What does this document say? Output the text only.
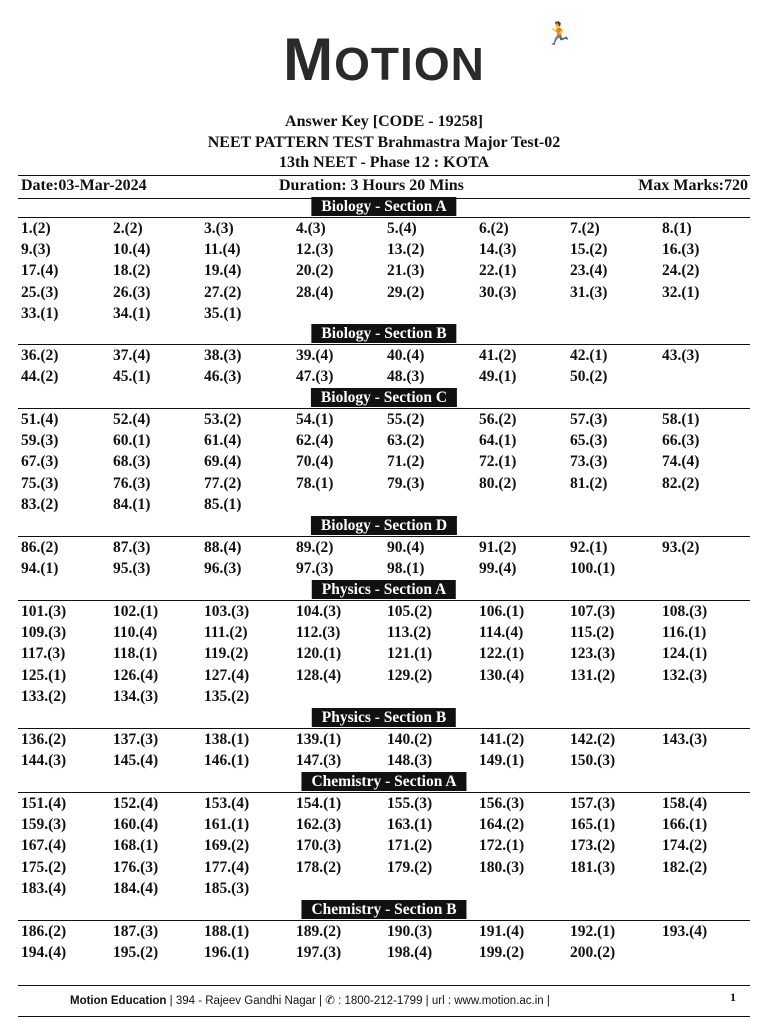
MOTION
🏃
Answer Key [CODE - 19258]
NEET PATTERN TEST Brahmastra Major Test-02
13th NEET - Phase 12 : KOTA
Date:03-Mar-2024	Duration: 3 Hours 20 Mins	Max Marks:720
Biology - Section A
1.(2)	2.(2)	3.(3)	4.(3)	5.(4)	6.(2)	7.(2)	8.(1)
9.(3)	10.(4)	11.(4)	12.(3)	13.(2)	14.(3)	15.(2)	16.(3)
17.(4)	18.(2)	19.(4)	20.(2)	21.(3)	22.(1)	23.(4)	24.(2)
25.(3)	26.(3)	27.(2)	28.(4)	29.(2)	30.(3)	31.(3)	32.(1)
33.(1)	34.(1)	35.(1)
Biology - Section B
36.(2)	37.(4)	38.(3)	39.(4)	40.(4)	41.(2)	42.(1)	43.(3)
44.(2)	45.(1)	46.(3)	47.(3)	48.(3)	49.(1)	50.(2)
Biology - Section C
51.(4)	52.(4)	53.(2)	54.(1)	55.(2)	56.(2)	57.(3)	58.(1)
59.(3)	60.(1)	61.(4)	62.(4)	63.(2)	64.(1)	65.(3)	66.(3)
67.(3)	68.(3)	69.(4)	70.(4)	71.(2)	72.(1)	73.(3)	74.(4)
75.(3)	76.(3)	77.(2)	78.(1)	79.(3)	80.(2)	81.(2)	82.(2)
83.(2)	84.(1)	85.(1)
Biology - Section D
86.(2)	87.(3)	88.(4)	89.(2)	90.(4)	91.(2)	92.(1)	93.(2)
94.(1)	95.(3)	96.(3)	97.(3)	98.(1)	99.(4)	100.(1)
Physics - Section A
101.(3)	102.(1)	103.(3)	104.(3)	105.(2)	106.(1)	107.(3)	108.(3)
109.(3)	110.(4)	111.(2)	112.(3)	113.(2)	114.(4)	115.(2)	116.(1)
117.(3)	118.(1)	119.(2)	120.(1)	121.(1)	122.(1)	123.(3)	124.(1)
125.(1)	126.(4)	127.(4)	128.(4)	129.(2)	130.(4)	131.(2)	132.(3)
133.(2)	134.(3)	135.(2)
Physics - Section B
136.(2)	137.(3)	138.(1)	139.(1)	140.(2)	141.(2)	142.(2)	143.(3)
144.(3)	145.(4)	146.(1)	147.(3)	148.(3)	149.(1)	150.(3)
Chemistry - Section A
151.(4)	152.(4)	153.(4)	154.(1)	155.(3)	156.(3)	157.(3)	158.(4)
159.(3)	160.(4)	161.(1)	162.(3)	163.(1)	164.(2)	165.(1)	166.(1)
167.(4)	168.(1)	169.(2)	170.(3)	171.(2)	172.(1)	173.(2)	174.(2)
175.(2)	176.(3)	177.(4)	178.(2)	179.(2)	180.(3)	181.(3)	182.(2)
183.(4)	184.(4)	185.(3)
Chemistry - Section B
186.(2)	187.(3)	188.(1)	189.(2)	190.(3)	191.(4)	192.(1)	193.(4)
194.(4)	195.(2)	196.(1)	197.(3)	198.(4)	199.(2)	200.(2)
Motion Education | 394 - Rajeev Gandhi Nagar | ✆ : 1800-212-1799 | url : www.motion.ac.in |	1
